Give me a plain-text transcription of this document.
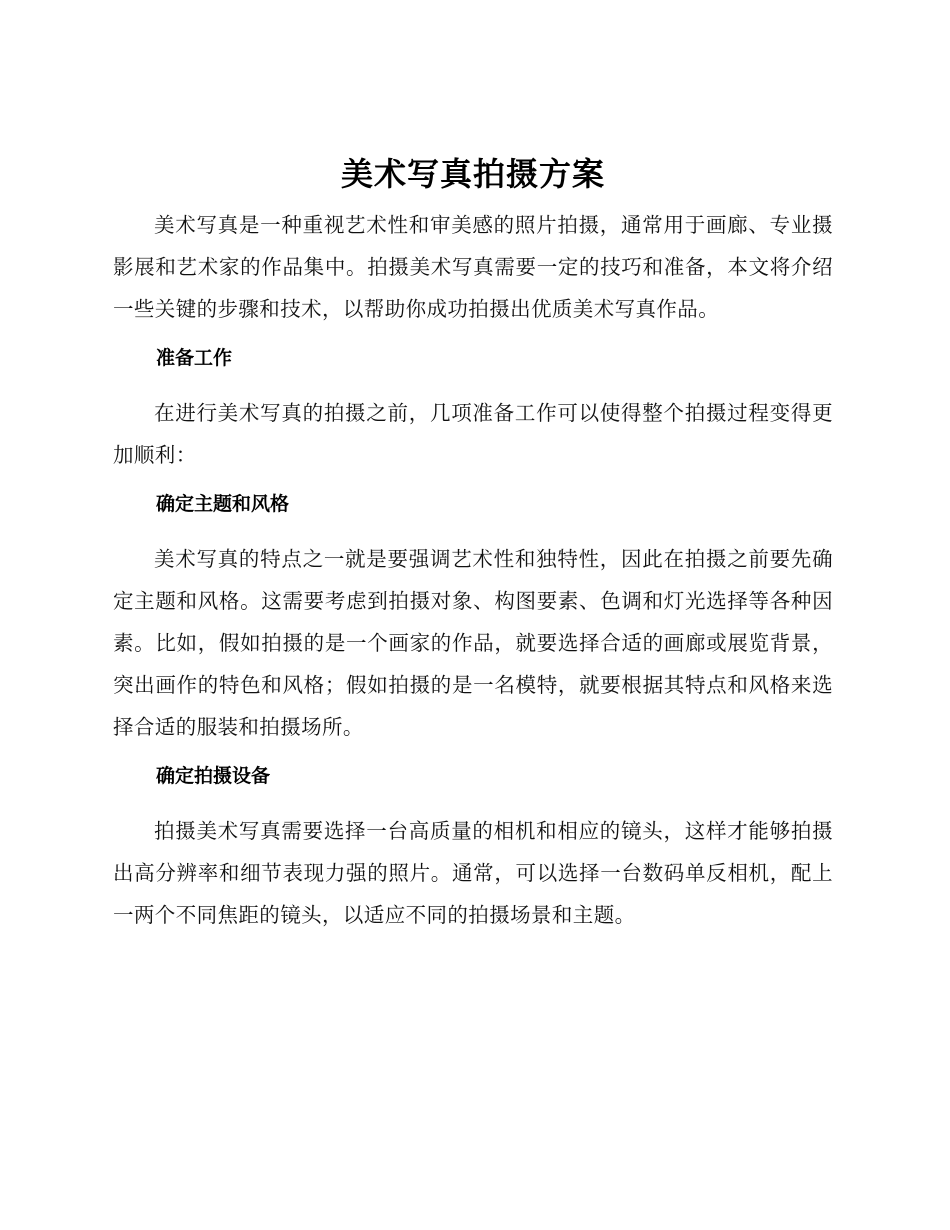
美术写真拍摄方案

美术写真是一种重视艺术性和审美感的照片拍摄，通常用于画廊、专业摄影展和艺术家的作品集中。拍摄美术写真需要一定的技巧和准备，本文将介绍一些关键的步骤和技术，以帮助你成功拍摄出优质美术写真作品。

准备工作

在进行美术写真的拍摄之前，几项准备工作可以使得整个拍摄过程变得更加顺利：

确定主题和风格

美术写真的特点之一就是要强调艺术性和独特性，因此在拍摄之前要先确定主题和风格。这需要考虑到拍摄对象、构图要素、色调和灯光选择等各种因素。比如，假如拍摄的是一个画家的作品，就要选择合适的画廊或展览背景，突出画作的特色和风格；假如拍摄的是一名模特，就要根据其特点和风格来选择合适的服装和拍摄场所。

确定拍摄设备

拍摄美术写真需要选择一台高质量的相机和相应的镜头，这样才能够拍摄出高分辨率和细节表现力强的照片。通常，可以选择一台数码单反相机，配上一两个不同焦距的镜头，以适应不同的拍摄场景和主题。
